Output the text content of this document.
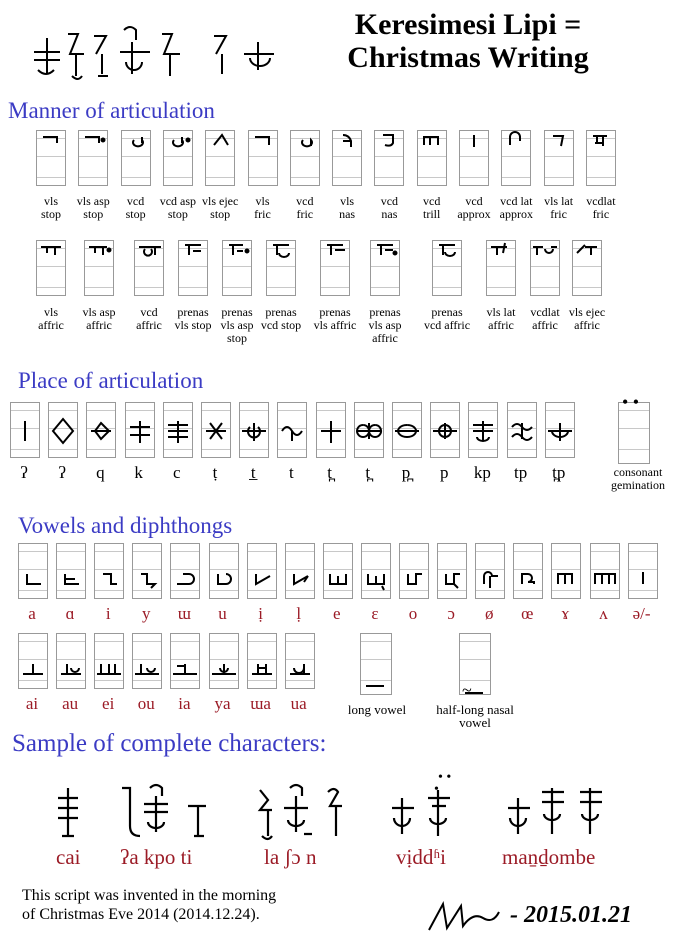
Keresimesi Lipi =
Christmas Writing
Manner of articulation
Place of articulation
Vowels and diphthongs
Sample of complete characters:
vls
stop
vls asp
stop
vcd
stop
vcd asp
stop
vls ejec
stop
vls
fric
vcd
fric
vls
nas
vcd
nas
vcd
trill
vcd
approx
vcd lat
approx
vls lat
fric
vcdlat
fric
vls
affric
vls asp
affric
vcd
affric
prenas
vls stop
prenas
vls asp
stop
prenas
vcd stop
prenas
vls affric
prenas
vls asp
affric
prenas
vcd affric
vls lat
affric
vcdlat
affric
vls ejec
affric
ʔ	ʔ	q	k	c	ṭ	t̲	t	t̪	t̪	p̪	p	kp	tp	t̪p
a	ɑ	i	y	ɯ	u	ị	ḷ	e	ɛ	o	ɔ	ø	œ	ɤ	ʌ	ə/-
ai	au	ei	ou	ia	ya	ɯa	ua
• •
consonant
gemination
long vowel
~
half-long nasal
vowel
• •
•
cai ʔa kpo ti	la ʃɔ n	vịddʱi	maṉḏombe
This script was invented in the morning
of Christmas Eve 2014 (2014.12.24).	- 2015.01.21
